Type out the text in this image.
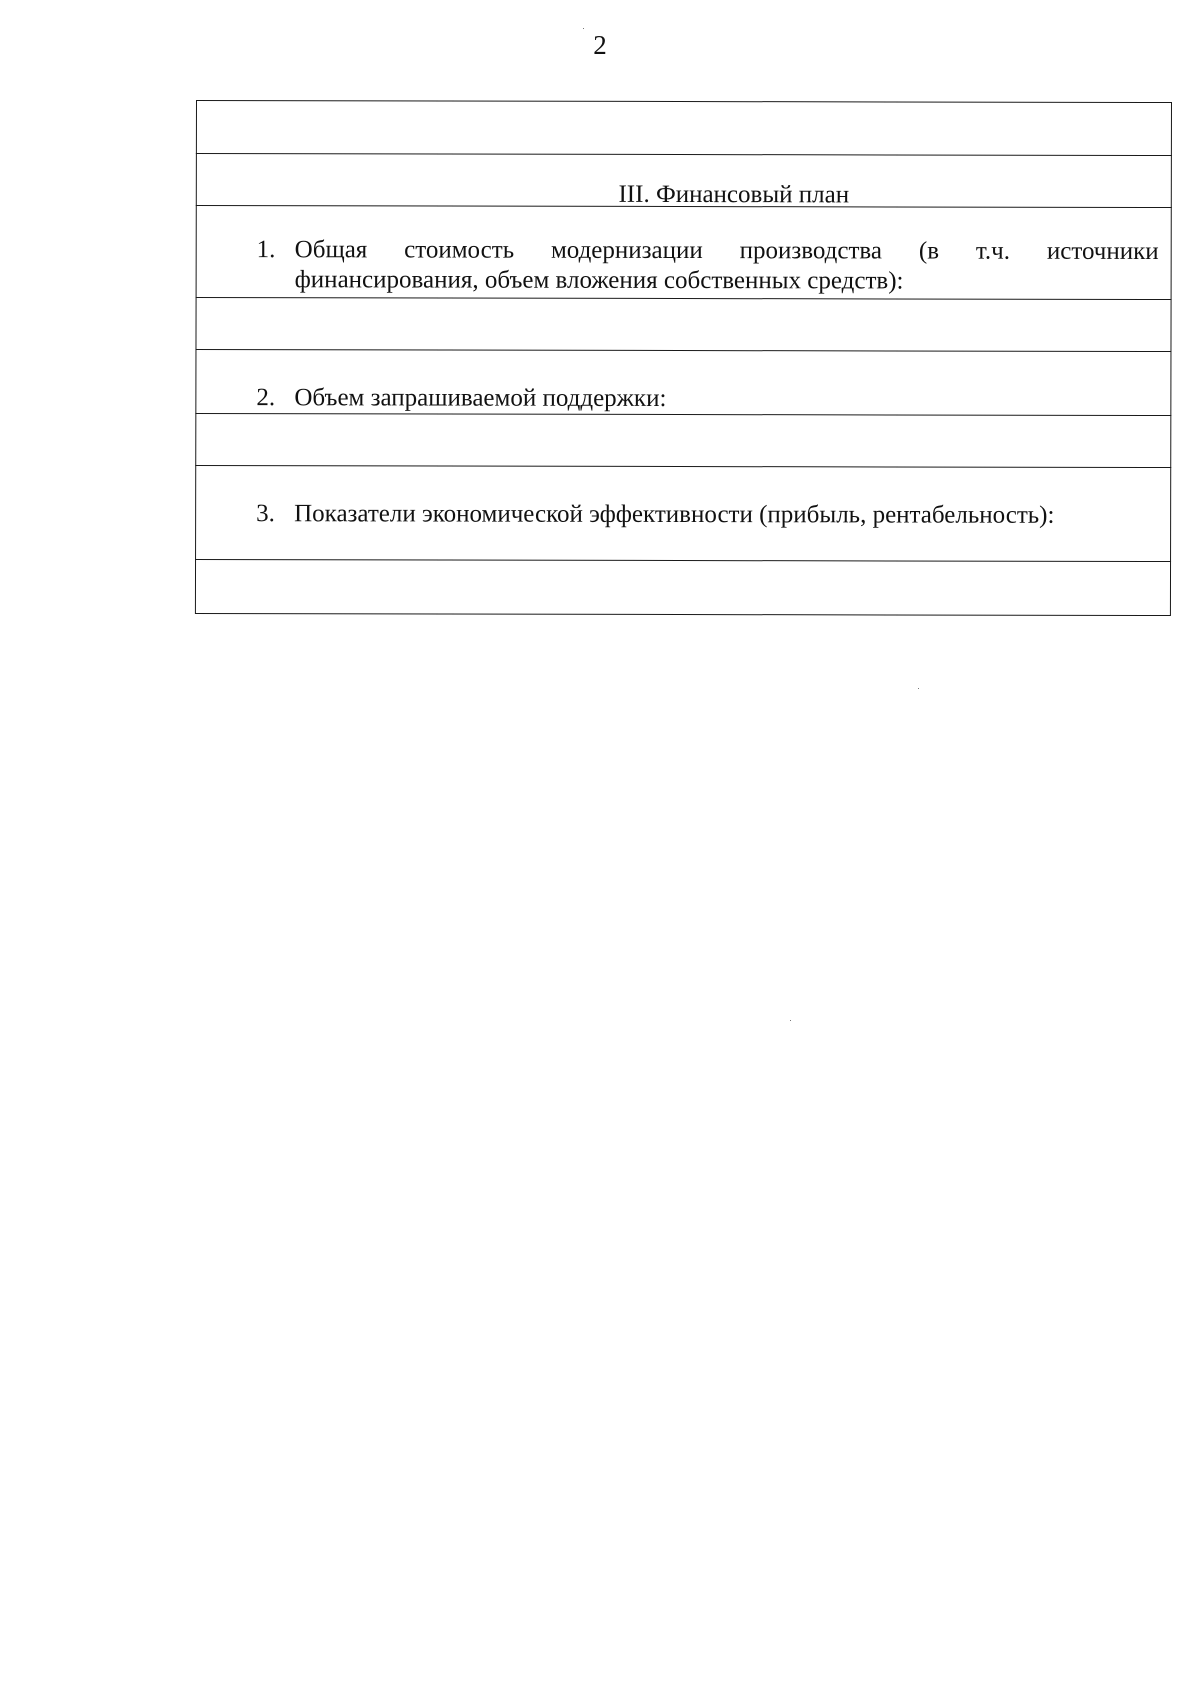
2
III. Финансовый план
1. Общая стоимость модернизации производства (в т.ч. источники финансирования, объем вложения собственных средств):
2. Объем запрашиваемой поддержки:
3. Показатели экономической эффективности (прибыль, рентабельность):
